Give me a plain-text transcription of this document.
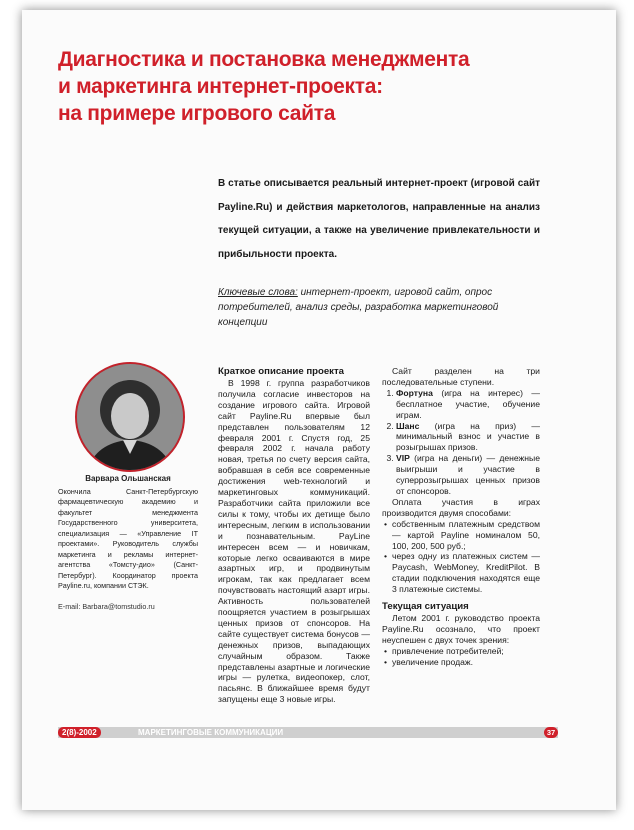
Диагностика и постановка менеджмента
и маркетинга интернет-проекта:
на примере игрового сайта
В статье описывается реальный интернет-проект (игровой сайт Payline.Ru) и действия маркетологов, направленные на анализ текущей ситуации, а также на увеличение привлекательности и прибыльности проекта.
Ключевые слова: интернет-проект, игровой сайт, опрос потребителей, анализ среды, разработка маркетинговой концепции
Варвара Ольшанская
Окончила Санкт-Петербургскую фармацевтическую академию и факультет менеджмента Государственного университета, специализация — «Управление IT проектами». Руководитель службы маркетинга и рекламы интернет-агентства «Томсту-дио» (Санкт-Петербург). Координатор проекта Payline.ru, компании СТЭК.
E-mail: Barbara@tomstudio.ru
Краткое описание проекта

В 1998 г. группа разработчиков получила согласие инвесторов на создание игрового сайта. Игровой сайт Payline.Ru впервые был представлен пользователям 12 февраля 2001 г. Спустя год, 25 февраля 2002 г. начала работу новая, третья по счету версия сайта, вобравшая в себя все современные достижения web-технологий и маркетинговых коммуникаций. Разработчики сайта приложили все силы к тому, чтобы их детище было интересным, легким в использовании и познавательным. PayLine интересен всем — и новичкам, которые легко осваиваются в мире азартных игр, и продвинутым игрокам, так как предлагает всем почувствовать настоящий азарт игры. Активность пользователей поощряется участием в розыгрышах ценных призов от спонсоров. На сайте существует система бонусов — денежных призов, выпадающих случайным образом. Также представлены азартные и логические игры — рулетка, видеопокер, слот, пасьянс. В ближайшее время будут запущены еще 3 новые игры.

Сайт разделен на три последовательные ступени.

1. Фортуна (игра на интерес) — бесплатное участие, обучение играм.
2. Шанс (игра на приз) — минимальный взнос и участие в розыгрышах призов.
3. VIP (игра на деньги) — денежные выигрыши и участие в суперрозыгрышах ценных призов от спонсоров.

Оплата участия в играх производится двумя способами:

• собственным платежным средством — картой Payline номиналом 50, 100, 200, 500 руб.;
• через одну из платежных систем — Paycash, WebMoney, KreditPilot. В стадии подключения находятся еще 3 платежные системы.
Текущая ситуация

Летом 2001 г. руководство проекта Payline.Ru осознало, что проект неуспешен с двух точек зрения:

• привлечение потребителей;
• увеличение продаж.
2(8)-2002	МАРКЕТИНГОВЫЕ КОММУНИКАЦИИ	37
